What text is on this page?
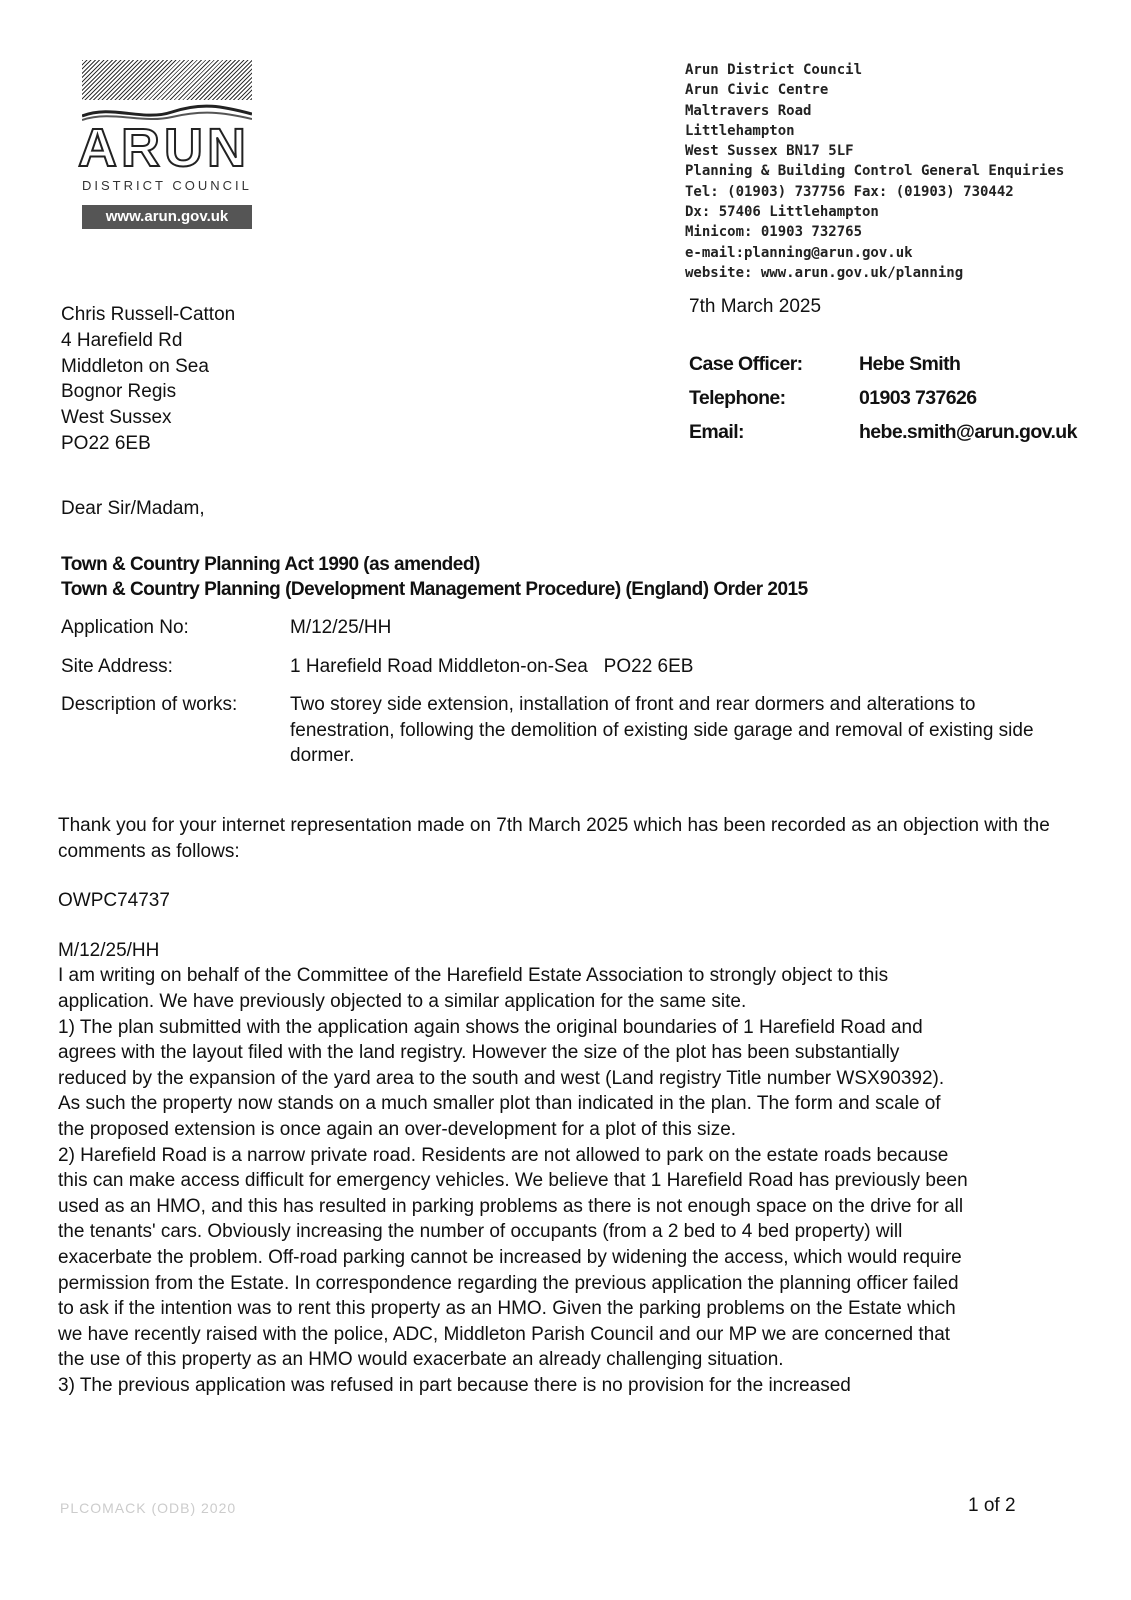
ARUN
DISTRICT COUNCIL
www.arun.gov.uk
Arun District Council
Arun Civic Centre
Maltravers Road
Littlehampton
West Sussex BN17 5LF
Planning & Building Control General Enquiries
Tel: (01903) 737756 Fax: (01903) 730442
Dx: 57406 Littlehampton
Minicom: 01903 732765
e-mail:planning@arun.gov.uk
website: www.arun.gov.uk/planning
7th March 2025
Chris Russell-Catton
4 Harefield Rd
Middleton on Sea
Bognor Regis
West Sussex
PO22 6EB
Case Officer:	Hebe Smith
Telephone:	01903 737626
Email:	hebe.smith@arun.gov.uk
Dear Sir/Madam,
Town & Country Planning Act 1990 (as amended)
Town & Country Planning (Development Management Procedure) (England) Order 2015
Application No:	M/12/25/HH
Site Address:	1 Harefield Road Middleton-on-Sea   PO22 6EB
Description of works:	Two storey side extension, installation of front and rear dormers and alterations to fenestration, following the demolition of existing side garage and removal of existing side dormer.

Thank you for your internet representation made on 7th March 2025 which has been recorded as an objection with the comments as follows:

OWPC74737

M/12/25/HH

I am writing on behalf of the Committee of the Harefield Estate Association to strongly object to this application. We have previously objected to a similar application for the same site.

1) The plan submitted with the application again shows the original boundaries of 1 Harefield Road and agrees with the layout filed with the land registry. However the size of the plot has been substantially reduced by the expansion of the yard area to the south and west (Land registry Title number WSX90392). As such the property now stands on a much smaller plot than indicated in the plan. The form and scale of the proposed extension is once again an over-development for a plot of this size.

2) Harefield Road is a narrow private road. Residents are not allowed to park on the estate roads because this can make access difficult for emergency vehicles. We believe that 1 Harefield Road has previously been used as an HMO, and this has resulted in parking problems as there is not enough space on the drive for all the tenants' cars. Obviously increasing the number of occupants (from a 2 bed to 4 bed property) will exacerbate the problem. Off-road parking cannot be increased by widening the access, which would require permission from the Estate. In correspondence regarding the previous application the planning officer failed to ask if the intention was to rent this property as an HMO. Given the parking problems on the Estate which we have recently raised with the police, ADC, Middleton Parish Council and our MP we are concerned that the use of this property as an HMO would exacerbate an already challenging situation.

3) The previous application was refused in part because there is no provision for the increased

PLCOMACK (ODB) 2020	1 of 2
